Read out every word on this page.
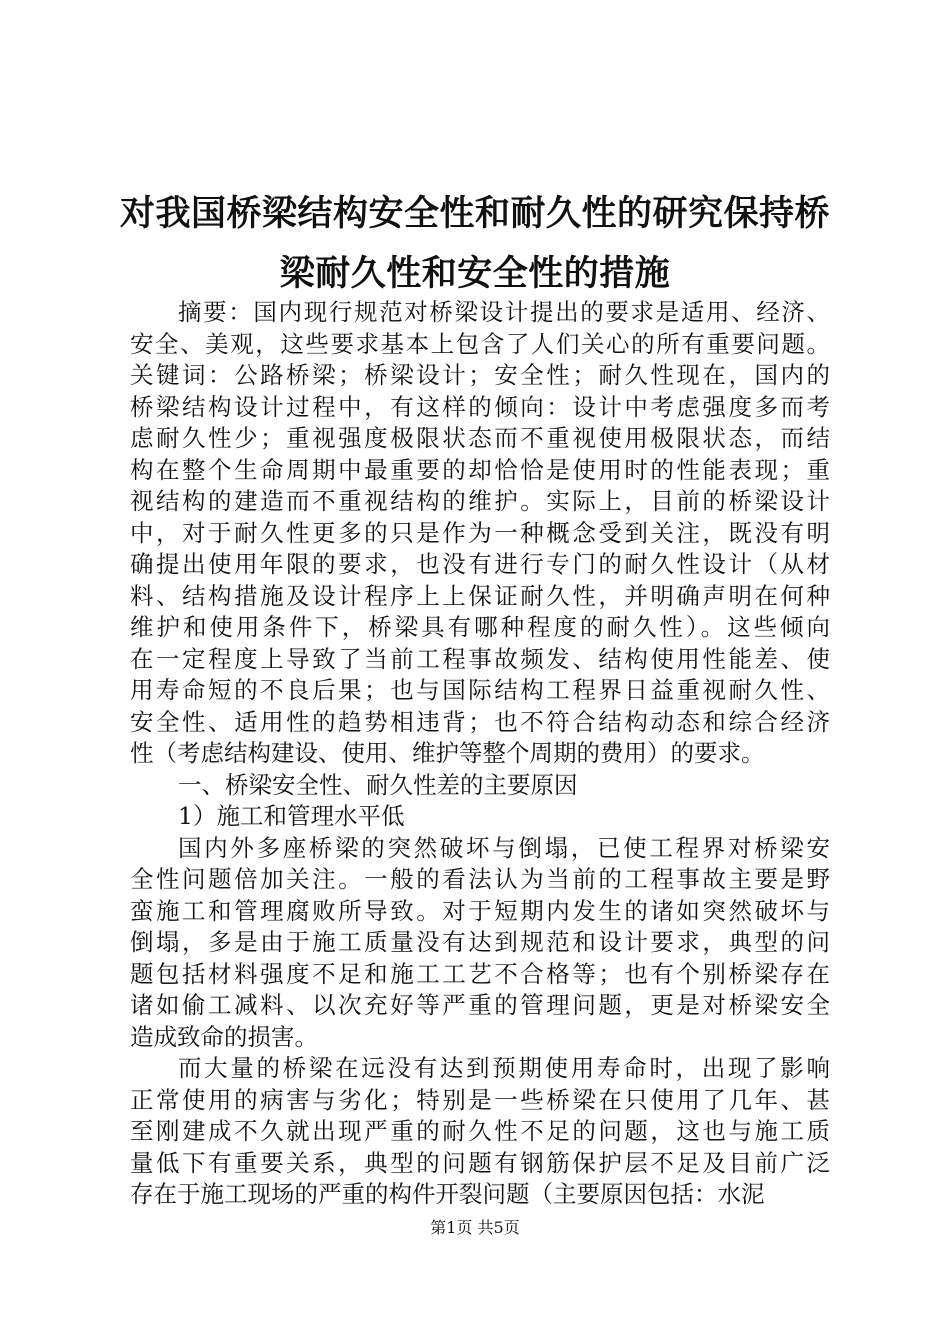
对我国桥梁结构安全性和耐久性的研究保持桥
梁耐久性和安全性的措施
摘要：国内现行规范对桥梁设计提出的要求是适用、经济、
安全、美观，这些要求基本上包含了人们关心的所有重要问题。
关键词：公路桥梁；桥梁设计；安全性；耐久性现在，国内的
桥梁结构设计过程中，有这样的倾向：设计中考虑强度多而考
虑耐久性少；重视强度极限状态而不重视使用极限状态，而结
构在整个生命周期中最重要的却恰恰是使用时的性能表现；重
视结构的建造而不重视结构的维护。实际上，目前的桥梁设计
中，对于耐久性更多的只是作为一种概念受到关注，既没有明
确提出使用年限的要求，也没有进行专门的耐久性设计（从材
料、结构措施及设计程序上上保证耐久性，并明确声明在何种
维护和使用条件下，桥梁具有哪种程度的耐久性）。这些倾向
在一定程度上导致了当前工程事故频发、结构使用性能差、使
用寿命短的不良后果；也与国际结构工程界日益重视耐久性、
安全性、适用性的趋势相违背；也不符合结构动态和综合经济
性（考虑结构建设、使用、维护等整个周期的费用）的要求。
一、桥梁安全性、耐久性差的主要原因
1）施工和管理水平低
国内外多座桥梁的突然破坏与倒塌，已使工程界对桥梁安
全性问题倍加关注。一般的看法认为当前的工程事故主要是野
蛮施工和管理腐败所导致。对于短期内发生的诸如突然破坏与
倒塌，多是由于施工质量没有达到规范和设计要求，典型的问
题包括材料强度不足和施工工艺不合格等；也有个别桥梁存在
诸如偷工减料、以次充好等严重的管理问题，更是对桥梁安全
造成致命的损害。
而大量的桥梁在远没有达到预期使用寿命时，出现了影响
正常使用的病害与劣化；特别是一些桥梁在只使用了几年、甚
至刚建成不久就出现严重的耐久性不足的问题，这也与施工质
量低下有重要关系，典型的问题有钢筋保护层不足及目前广泛
存在于施工现场的严重的构件开裂问题（主要原因包括：水泥
第1页 共5页
